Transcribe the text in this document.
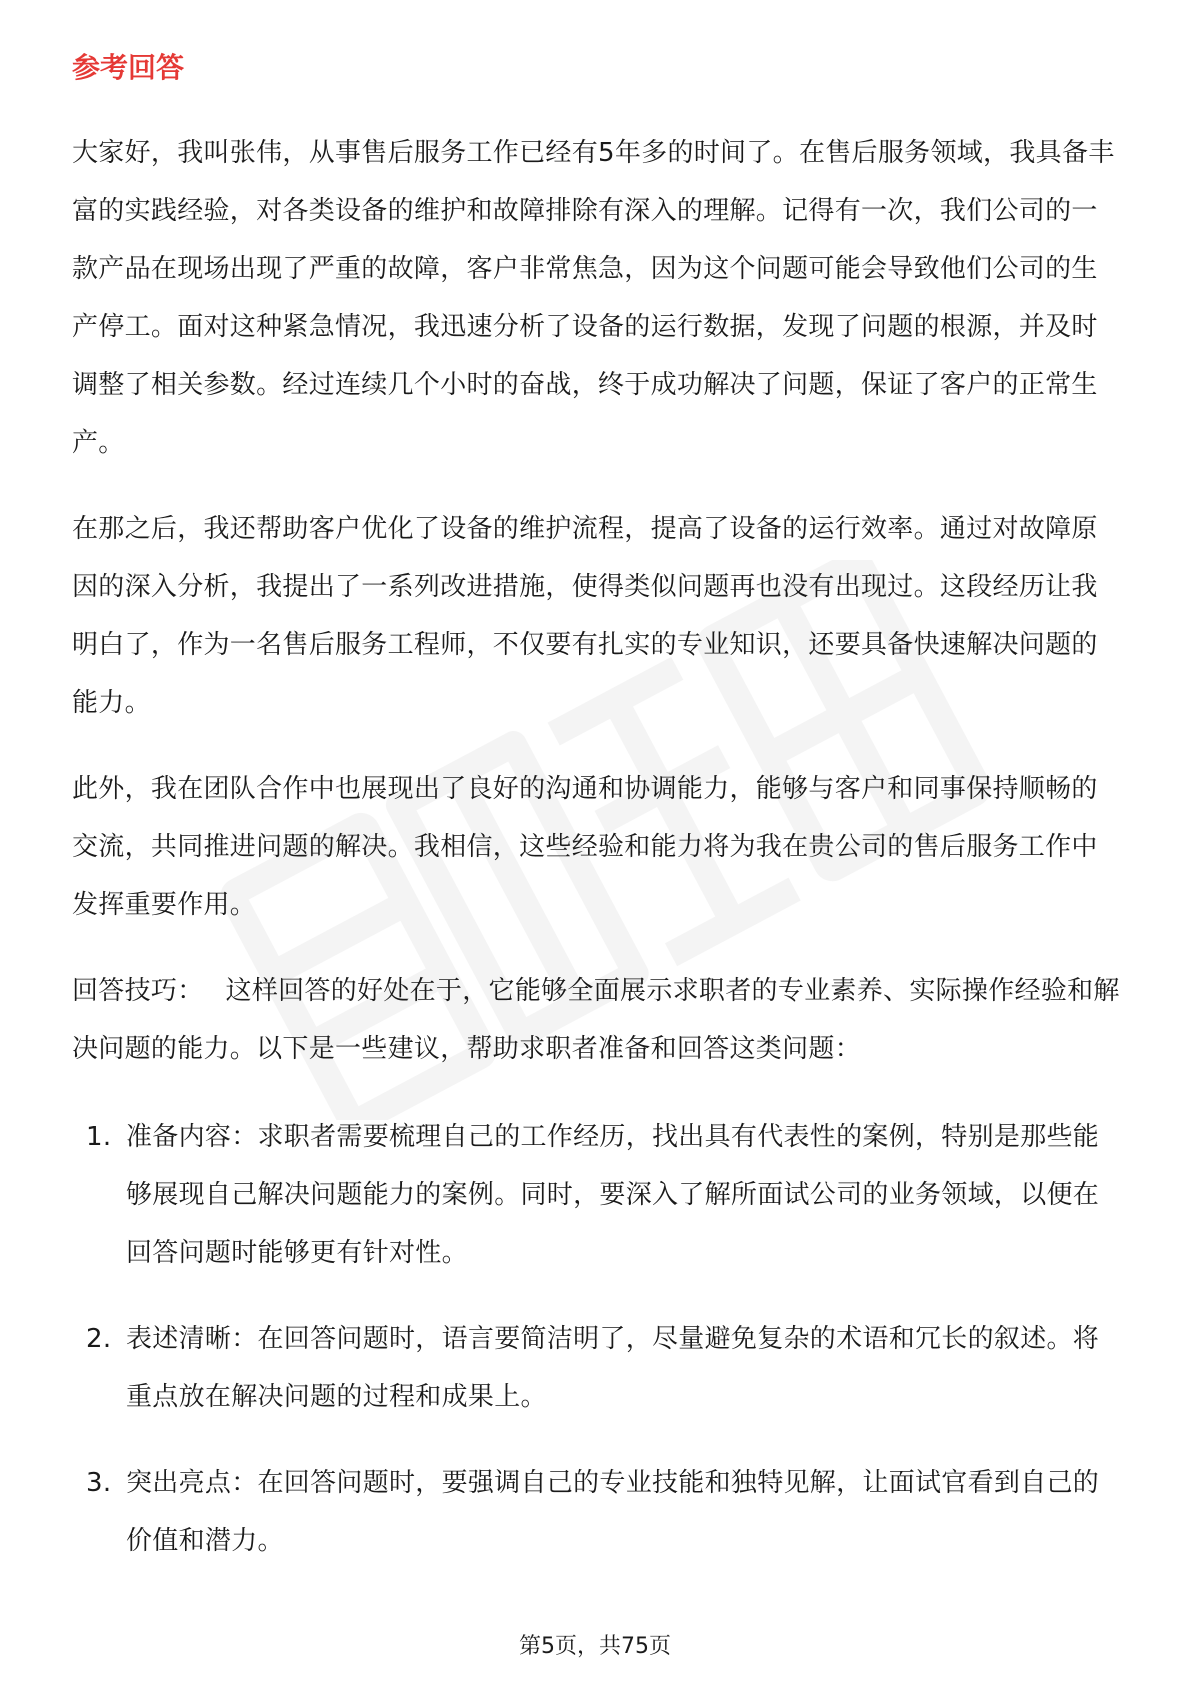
参考回答

大家好，我叫张伟，从事售后服务工作已经有5年多的时间了。在售后服务领域，我具备丰富的实践经验，对各类设备的维护和故障排除有深入的理解。记得有一次，我们公司的一款产品在现场出现了严重的故障，客户非常焦急，因为这个问题可能会导致他们公司的生产停工。面对这种紧急情况，我迅速分析了设备的运行数据，发现了问题的根源，并及时调整了相关参数。经过连续几个小时的奋战，终于成功解决了问题，保证了客户的正常生产。

在那之后，我还帮助客户优化了设备的维护流程，提高了设备的运行效率。通过对故障原因的深入分析，我提出了一系列改进措施，使得类似问题再也没有出现过。这段经历让我明白了，作为一名售后服务工程师，不仅要有扎实的专业知识，还要具备快速解决问题的能力。

此外，我在团队合作中也展现出了良好的沟通和协调能力，能够与客户和同事保持顺畅的交流，共同推进问题的解决。我相信，这些经验和能力将为我在贵公司的售后服务工作中发挥重要作用。

回答技巧： 这样回答的好处在于，它能够全面展示求职者的专业素养、实际操作经验和解决问题的能力。以下是一些建议，帮助求职者准备和回答这类问题：

1. 准备内容：求职者需要梳理自己的工作经历，找出具有代表性的案例，特别是那些能够展现自己解决问题能力的案例。同时，要深入了解所面试公司的业务领域，以便在回答问题时能够更有针对性。
2. 表述清晰：在回答问题时，语言要简洁明了，尽量避免复杂的术语和冗长的叙述。将重点放在解决问题的过程和成果上。
3. 突出亮点：在回答问题时，要强调自己的专业技能和独特见解，让面试官看到自己的价值和潜力。
第5页，共75页
